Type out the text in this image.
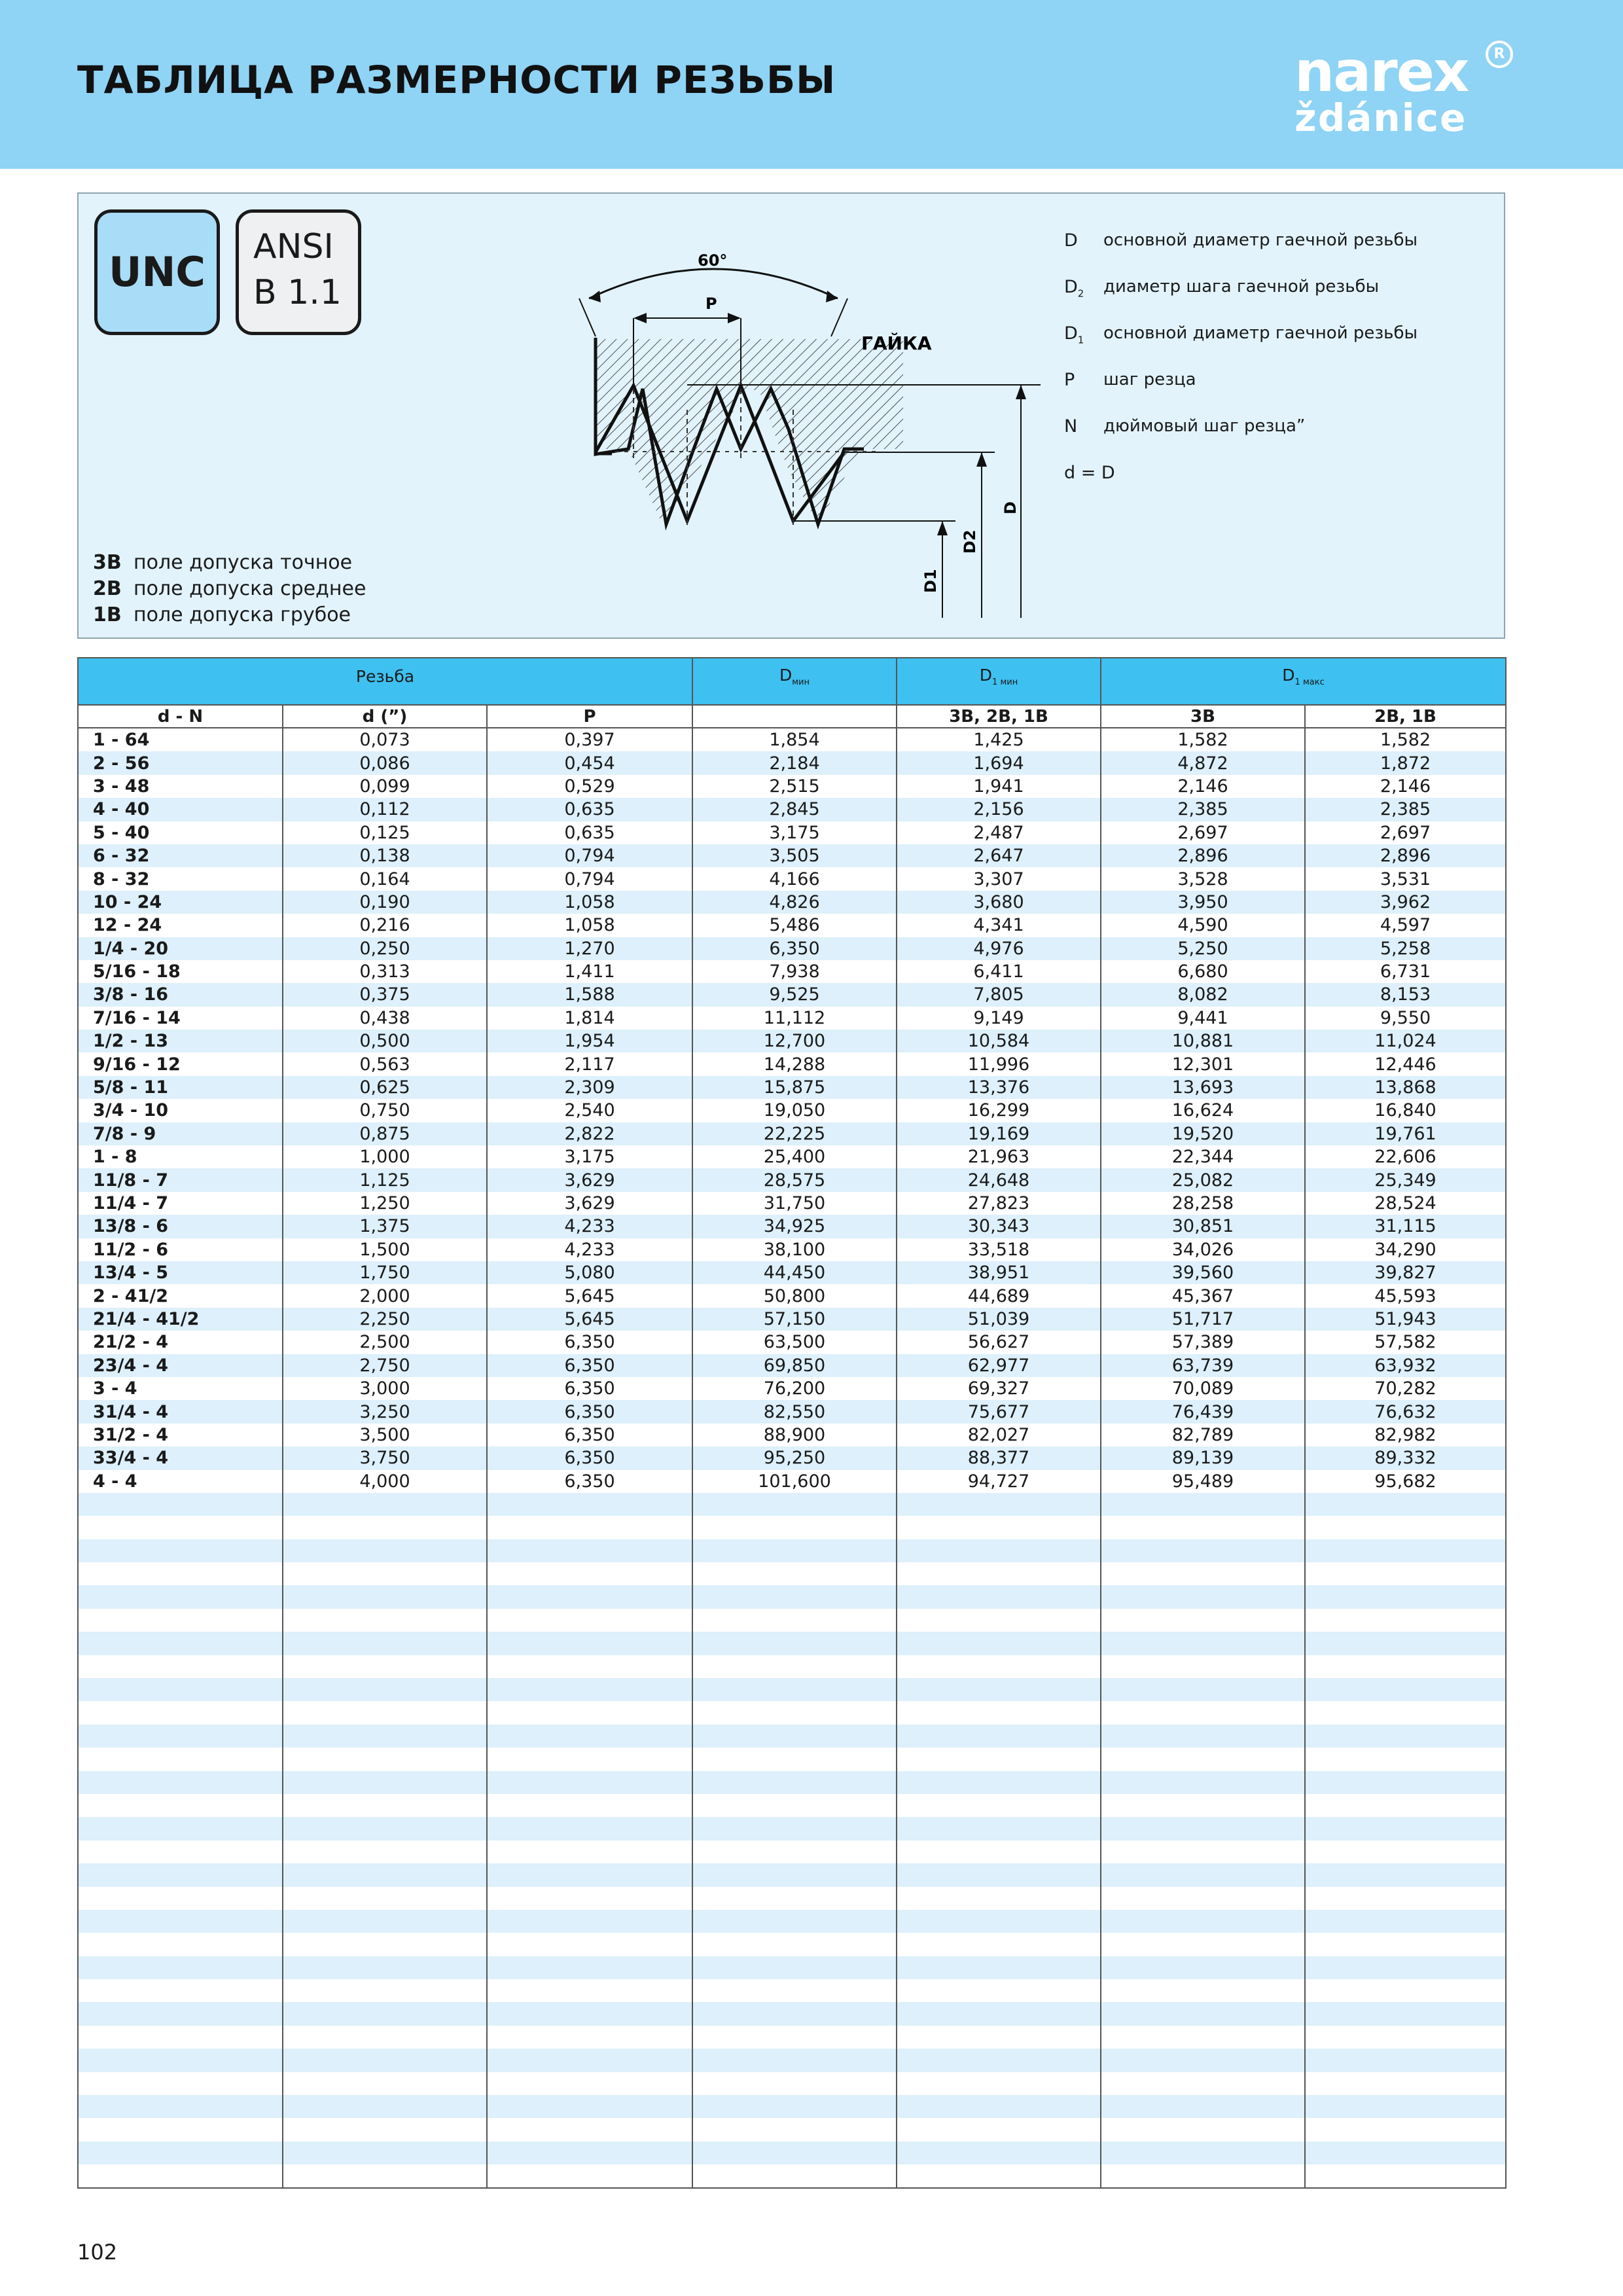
ТАБЛИЦА РАЗМЕРНОСТИ РЕЗЬБЫ	narex
ždánice
R
UNC
ANSI
B 1.1
60°
P
ГАЙКА
D
D2
D1
D	основной диаметр гаечной резьбы
$D_2$	диаметр шага гаечной резьбы
$D_1$	основной диаметр гаечной резьбы
P	шаг резца
N	дюймовый шаг резца”
d = D
3B поле допуска точное
2B поле допуска среднее
1B поле допуска грубое
Резьба			$D_{мин}$	$D_{1 мин}$	$D_{1 макс}$
d - N	d (”)	P		3B, 2B, 1B	3B	2B, 1B
1 - 64	0,073	0,397	1,854	1,425	1,582	1,582
2 - 56	0,086	0,454	2,184	1,694	4,872	1,872
3 - 48	0,099	0,529	2,515	1,941	2,146	2,146
4 - 40	0,112	0,635	2,845	2,156	2,385	2,385
5 - 40	0,125	0,635	3,175	2,487	2,697	2,697
6 - 32	0,138	0,794	3,505	2,647	2,896	2,896
8 - 32	0,164	0,794	4,166	3,307	3,528	3,531
10 - 24	0,190	1,058	4,826	3,680	3,950	3,962
12 - 24	0,216	1,058	5,486	4,341	4,590	4,597
1/4 - 20	0,250	1,270	6,350	4,976	5,250	5,258
5/16 - 18	0,313	1,411	7,938	6,411	6,680	6,731
3/8 - 16	0,375	1,588	9,525	7,805	8,082	8,153
7/16 - 14	0,438	1,814	11,112	9,149	9,441	9,550
1/2 - 13	0,500	1,954	12,700	10,584	10,881	11,024
9/16 - 12	0,563	2,117	14,288	11,996	12,301	12,446
5/8 - 11	0,625	2,309	15,875	13,376	13,693	13,868
3/4 - 10	0,750	2,540	19,050	16,299	16,624	16,840
7/8 - 9	0,875	2,822	22,225	19,169	19,520	19,761
1 - 8	1,000	3,175	25,400	21,963	22,344	22,606
11/8 - 7	1,125	3,629	28,575	24,648	25,082	25,349
11/4 - 7	1,250	3,629	31,750	27,823	28,258	28,524
13/8 - 6	1,375	4,233	34,925	30,343	30,851	31,115
11/2 - 6	1,500	4,233	38,100	33,518	34,026	34,290
13/4 - 5	1,750	5,080	44,450	38,951	39,560	39,827
2 - 41/2	2,000	5,645	50,800	44,689	45,367	45,593
21/4 - 41/2	2,250	5,645	57,150	51,039	51,717	51,943
21/2 - 4	2,500	6,350	63,500	56,627	57,389	57,582
23/4 - 4	2,750	6,350	69,850	62,977	63,739	63,932
3 - 4	3,000	6,350	76,200	69,327	70,089	70,282
31/4 - 4	3,250	6,350	82,550	75,677	76,439	76,632
31/2 - 4	3,500	6,350	88,900	82,027	82,789	82,982
33/4 - 4	3,750	6,350	95,250	88,377	89,139	89,332
4 - 4	4,000	6,350	101,600	94,727	95,489	95,682

102
